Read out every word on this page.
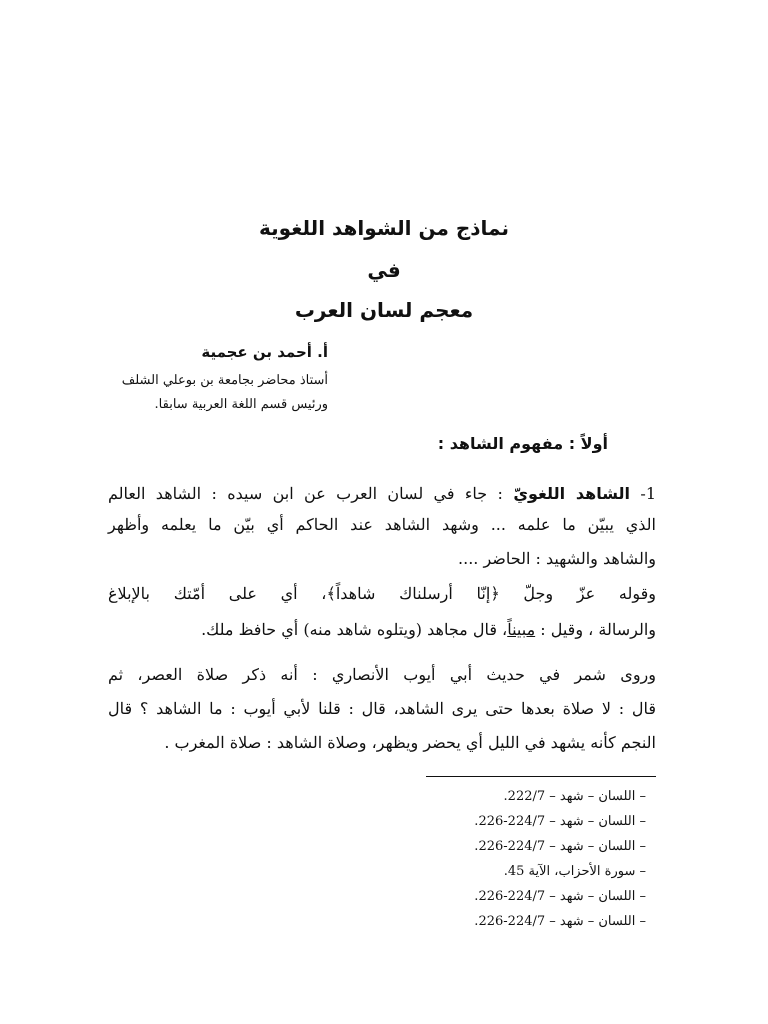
نماذج من الشواهد اللغوية
في
معجم لسان العرب
أ. أحمد بن عجمية
أستاذ محاضر بجامعة بن بوعلي الشلف
ورئيس قسم اللغة العربية سابقا.
أولاً : مفهوم الشاهد :
1- الشاهد اللغويّ : جاء في لسان العرب عن ابن سيده : الشاهد العالم
الذي يبيّن ما علمه ... وشهد الشاهد عند الحاكم أي بيّن ما يعلمه وأظهر
والشاهد والشهيد : الحاضر ....
وقوله عزّ وجلّ ﴿إنّا أرسلناك شاهداً﴾، أي على أمّتك بالإبلاغ
والرسالة ، وقيل : مبيناً، قال مجاهد (ويتلوه شاهد منه) أي حافظ ملك.
وروى شمر في حديث أبي أيوب الأنصاري : أنه ذكر صلاة العصر، ثم
قال : لا صلاة بعدها حتى يرى الشاهد، قال : قلنا لأبي أيوب : ما الشاهد ؟ قال
النجم كأنه يشهد في الليل أي يحضر ويظهر، وصلاة الشاهد : صلاة المغرب .
– اللسان – شهد – 222/7.
– اللسان – شهد – 224/7-226.
– اللسان – شهد – 224/7-226.
– سورة الأحزاب، الآية 45.
– اللسان – شهد – 224/7-226.
– اللسان – شهد – 224/7-226.
